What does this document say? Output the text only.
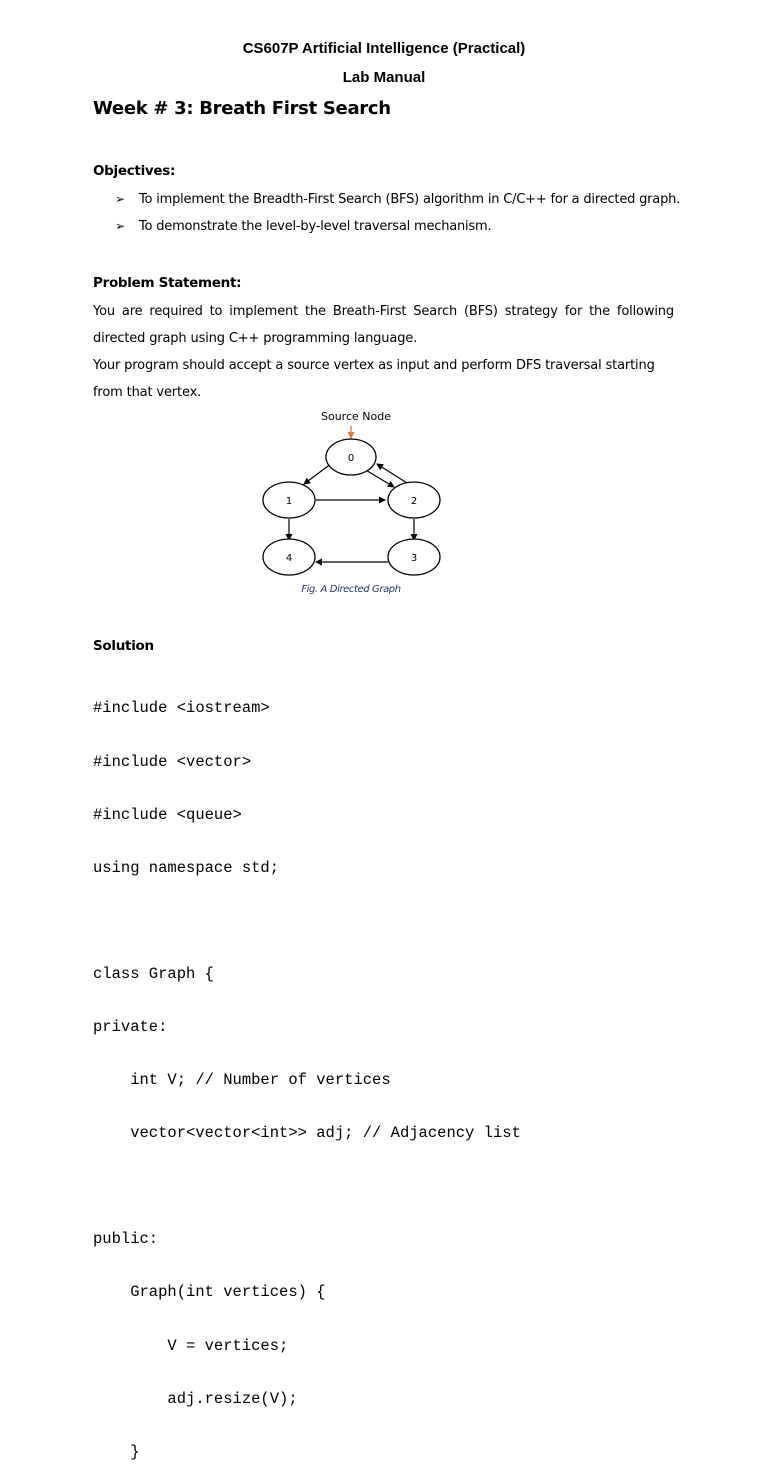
CS607P Artificial Intelligence (Practical)
Lab Manual
Week # 3: Breath First Search
Objectives:
➢	To implement the Breadth-First Search (BFS) algorithm in C/C++ for a directed graph.
➢	To demonstrate the level-by-level traversal mechanism.
Problem Statement:
You are required to implement the Breath-First Search (BFS) strategy for the following directed graph using C++ programming language.
Your program should accept a source vertex as input and perform DFS traversal starting from that vertex.
Source Node
0
1	2
3
4
Fig. A Directed Graph
Solution

#include <iostream>

#include <vector>

#include <queue>

using namespace std;

class Graph {

private:

int V; // Number of vertices

vector<vector<int>> adj; // Adjacency list

public:

Graph(int vertices) {

V = vertices;

adj.resize(V);

}
